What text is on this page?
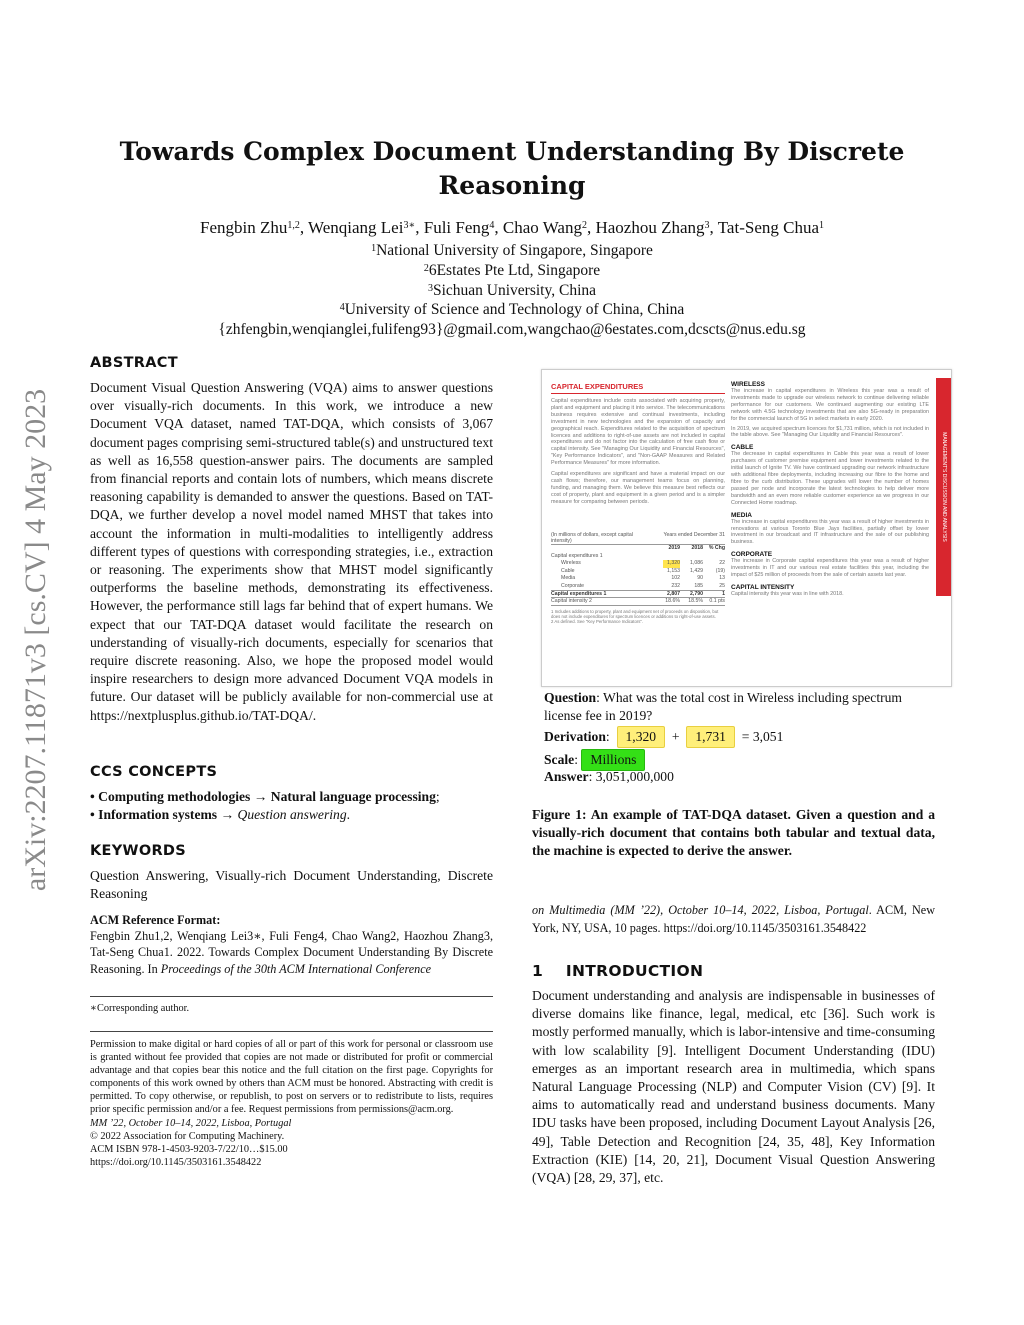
arXiv:2207.11871v3 [cs.CV] 4 May 2023
Towards Complex Document Understanding By Discrete Reasoning
Fengbin Zhu$^{1,2}$, Wenqiang Lei$^{3∗}$, Fuli Feng$^4$, Chao Wang$^2$, Haozhou Zhang$^3$, Tat-Seng Chua$^1$
$^1$National University of Singapore, Singapore
$^2$6Estates Pte Ltd, Singapore
$^3$Sichuan University, China
$^4$University of Science and Technology of China, China
{zhfengbin,wenqianglei,fulifeng93}@gmail.com,wangchao@6estates.com,dcscts@nus.edu.sg
ABSTRACT

Document Visual Question Answering (VQA) aims to answer questions over visually-rich documents. In this work, we introduce a new Document VQA dataset, named TAT-DQA, which consists of 3,067 document pages comprising semi-structured table(s) and unstructured text as well as 16,558 question-answer pairs. The documents are sampled from financial reports and contain lots of numbers, which means discrete reasoning capability is demanded to answer the questions. Based on TAT-DQA, we further develop a novel model named MHST that takes into account the information in multi-modalities to intelligently address different types of questions with corresponding strategies, i.e., extraction or reasoning. The experiments show that MHST model significantly outperforms the baseline methods, demonstrating its effectiveness. However, the performance still lags far behind that of expert humans. We expect that our TAT-DQA dataset would facilitate the research on understanding of visually-rich documents, especially for scenarios that require discrete reasoning. Also, we hope the proposed model would inspire researchers to design more advanced Document VQA models in future. Our dataset will be publicly available for non-commercial use at https://nextplusplus.github.io/TAT-DQA/.

CCS CONCEPTS
• Computing methodologies → Natural language processing;
• Information systems → Question answering.
KEYWORDS

Question Answering, Visually-rich Document Understanding, Discrete Reasoning

ACM Reference Format:

Fengbin Zhu1,2, Wenqiang Lei3∗, Fuli Feng4, Chao Wang2, Haozhou Zhang3, Tat-Seng Chua1. 2022. Towards Complex Document Understanding By Discrete Reasoning. In Proceedings of the 30th ACM International Conference

∗Corresponding author.
Permission to make digital or hard copies of all or part of this work for personal or classroom use is granted without fee provided that copies are not made or distributed for profit or commercial advantage and that copies bear this notice and the full citation on the first page. Copyrights for components of this work owned by others than ACM must be honored. Abstracting with credit is permitted. To copy otherwise, or republish, to post on servers or to redistribute to lists, requires prior specific permission and/or a fee. Request permissions from permissions@acm.org.
MM ’22, October 10–14, 2022, Lisboa, Portugal
© 2022 Association for Computing Machinery.
ACM ISBN 978-1-4503-9203-7/22/10…$15.00
https://doi.org/10.1145/3503161.3548422
MANAGEMENT'S DISCUSSION AND ANALYSIS
CAPITAL EXPENDITURES

Capital expenditures include costs associated with acquiring property, plant and equipment and placing it into service. The telecommunications business requires extensive and continual investments, including investment in new technologies and the expansion of capacity and geographical reach. Expenditures related to the acquisition of spectrum licences and additions to right-of-use assets are not included in capital expenditures and do not factor into the calculation of free cash flow or capital intensity. See "Managing Our Liquidity and Financial Resources", "Key Performance Indicators", and "Non-GAAP Measures and Related Performance Measures" for more information.

Capital expenditures are significant and have a material impact on our cash flows; therefore, our management teams focus on planning, funding, and managing them. We believe this measure best reflects our cost of property, plant and equipment in a given period and is a simpler measure for comparing between periods.

(In millions of dollars, except capital intensity)
Years ended December 31
2019	2018	% Chg
Capital expenditures 1
Wireless	1,320	1,086	22
Cable	1,153	1,429	(19)
Media	102	90	13
Corporate	232	185	25
Capital expenditures 1	2,807	2,790	1
Capital intensity 2	18.6%	18.5%	0.1 pts
1 Includes additions to property, plant and equipment net of proceeds on disposition, but does not include expenditures for spectrum licences or additions to right-of-use assets.
2 As defined. See "Key Performance Indicators".
WIRELESS

The increase in capital expenditures in Wireless this year was a result of investments made to upgrade our wireless network to continue delivering reliable performance for our customers. We continued augmenting our existing LTE network with 4.5G technology investments that are also 5G-ready in preparation for the commercial launch of 5G in select markets in early 2020.

In 2019, we acquired spectrum licences for $1,731 million, which is not included in the table above. See "Managing Our Liquidity and Financial Resources".

CABLE

The decrease in capital expenditures in Cable this year was a result of lower purchases of customer premise equipment and lower investments related to the initial launch of Ignite TV. We have continued upgrading our network infrastructure with additional fibre deployments, including increasing our fibre to the home and fibre to the curb distribution. These upgrades will lower the number of homes passed per node and incorporate the latest technologies to help deliver more bandwidth and an even more reliable customer experience as we progress in our Connected Home roadmap.

MEDIA

The increase in capital expenditures this year was a result of higher investments in renovations at various Toronto Blue Jays facilities, partially offset by lower investment in our broadcast and IT infrastructure and the sale of our publishing business.

CORPORATE

The increase in Corporate capital expenditures this year was a result of higher investments in IT and our various real estate facilities this year, including the impact of $25 million of proceeds from the sale of certain assets last year.

CAPITAL INTENSITY

Capital intensity this year was in line with 2018.

Question: What was the total cost in Wireless including spectrum license fee in 2019?
Derivation:  1,320 + 1,731 = 3,051
Scale: Millions
Answer: 3,051,000,000

Figure 1: An example of TAT-DQA dataset. Given a question and a visually-rich document that contains both tabular and textual data, the machine is expected to derive the answer.

on Multimedia (MM ’22), October 10–14, 2022, Lisboa, Portugal. ACM, New York, NY, USA, 10 pages. https://doi.org/10.1145/3503161.3548422

1 INTRODUCTION

Document understanding and analysis are indispensable in businesses of diverse domains like finance, legal, medical, etc [36]. Such work is mostly performed manually, which is labor-intensive and time-consuming with low scalability [9]. Intelligent Document Understanding (IDU) emerges as an important research area in multimedia, which spans Natural Language Processing (NLP) and Computer Vision (CV) [9]. It aims to automatically read and understand business documents. Many IDU tasks have been proposed, including Document Layout Analysis [26, 49], Table Detection and Recognition [24, 35, 48], Key Information Extraction (KIE) [14, 20, 21], Document Visual Question Answering (VQA) [28, 29, 37], etc.
